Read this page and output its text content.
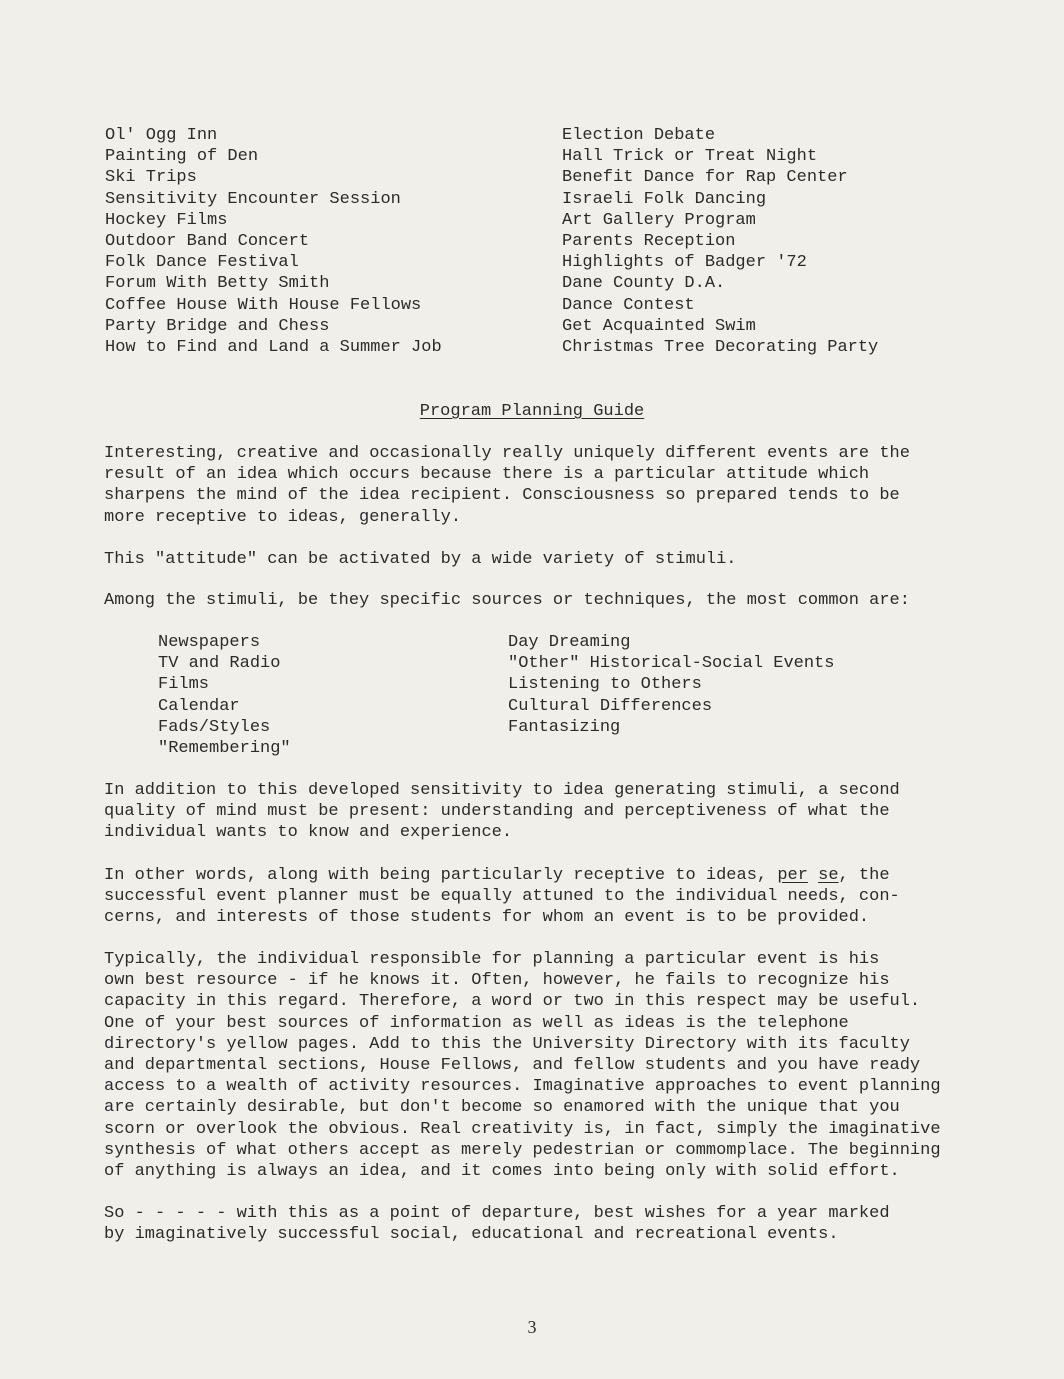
Ol' Ogg Inn
Painting of Den
Ski Trips
Sensitivity Encounter Session
Hockey Films
Outdoor Band Concert
Folk Dance Festival
Forum With Betty Smith
Coffee House With House Fellows
Party Bridge and Chess
How to Find and Land a Summer Job
Election Debate
Hall Trick or Treat Night
Benefit Dance for Rap Center
Israeli Folk Dancing
Art Gallery Program
Parents Reception
Highlights of Badger '72
Dane County D.A.
Dance Contest
Get Acquainted Swim
Christmas Tree Decorating Party
Program Planning Guide

Interesting, creative and occasionally really uniquely different events are the
result of an idea which occurs because there is a particular attitude which
sharpens the mind of the idea recipient. Consciousness so prepared tends to be
more receptive to ideas, generally.

This "attitude" can be activated by a wide variety of stimuli.

Among the stimuli, be they specific sources or techniques, the most common are:

Newspapers
TV and Radio
Films
Calendar
Fads/Styles
"Remembering"
Day Dreaming
"Other" Historical-Social Events
Listening to Others
Cultural Differences
Fantasizing

In addition to this developed sensitivity to idea generating stimuli, a second
quality of mind must be present: understanding and perceptiveness of what the
individual wants to know and experience.

In other words, along with being particularly receptive to ideas, per se, the
successful event planner must be equally attuned to the individual needs, con-
cerns, and interests of those students for whom an event is to be provided.

Typically, the individual responsible for planning a particular event is his
own best resource - if he knows it. Often, however, he fails to recognize his
capacity in this regard. Therefore, a word or two in this respect may be useful.
One of your best sources of information as well as ideas is the telephone
directory's yellow pages. Add to this the University Directory with its faculty
and departmental sections, House Fellows, and fellow students and you have ready
access to a wealth of activity resources. Imaginative approaches to event planning
are certainly desirable, but don't become so enamored with the unique that you
scorn or overlook the obvious. Real creativity is, in fact, simply the imaginative
synthesis of what others accept as merely pedestrian or commomplace. The beginning
of anything is always an idea, and it comes into being only with solid effort.

So - - - - - with this as a point of departure, best wishes for a year marked
by imaginatively successful social, educational and recreational events.

3
